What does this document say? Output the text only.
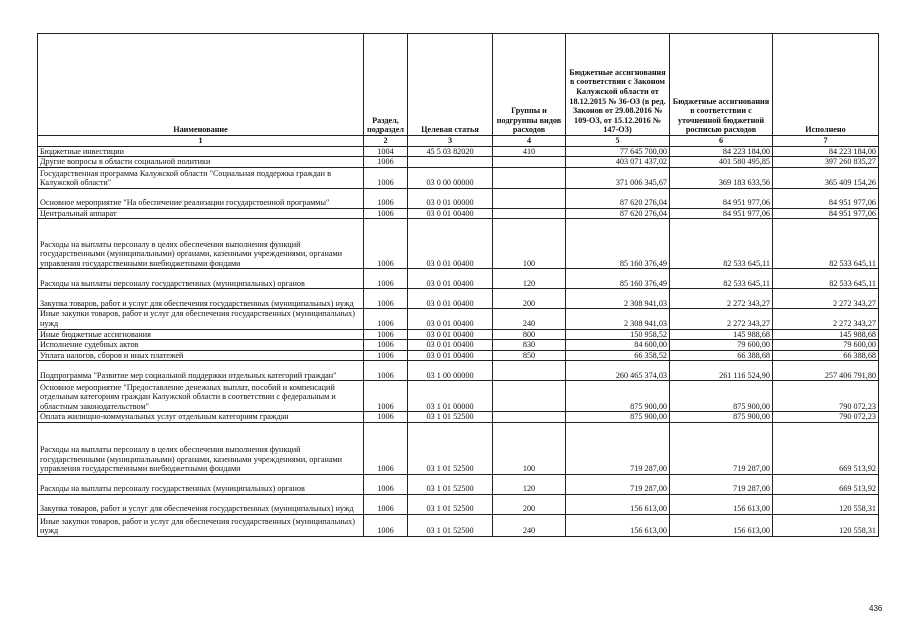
Наименование	Раздел, подраздел	Целевая статья	Группы и подгруппы видов расходов	Бюджетные ассигнования в соответствии с Законом Калужской области от 18.12.2015 № 36-ОЗ (в ред. Законов от 29.08.2016 № 109-ОЗ, от 15.12.2016 № 147-ОЗ)	Бюджетные ассигнования в соответствии с уточненной бюджетной росписью расходов	Исполнено
1	2	3	4	5	6	7
Бюджетные инвестиции	1004	45 5 03 82020	410	77 645 700,00	84 223 184,00	84 223 184,00
Другие вопросы в области социальной политики	1006			403 071 437,02	401 580 495,85	397 260 835,27
Государственная программа Калужской области "Социальная поддержка граждан в Калужской области"	1006	03 0 00 00000		371 006 345,67	369 183 633,56	365 409 154,26
Основное мероприятие "На обеспечение реализации государственной программы"	1006	03 0 01 00000		87 620 276,04	84 951 977,06	84 951 977,06
Центральный аппарат	1006	03 0 01 00400		87 620 276,04	84 951 977,06	84 951 977,06
Расходы на выплаты персоналу в целях обеспечения выполнения функций государственными (муниципальными) органами, казенными учреждениями, органами управления государственными внебюджетными фондами	1006	03 0 01 00400	100	85 160 376,49	82 533 645,11	82 533 645,11
Расходы на выплаты персоналу государственных (муниципальных) органов	1006	03 0 01 00400	120	85 160 376,49	82 533 645,11	82 533 645,11
Закупка товаров, работ и услуг для обеспечения государственных (муниципальных) нужд	1006	03 0 01 00400	200	2 308 941,03	2 272 343,27	2 272 343,27
Иные закупки товаров, работ и услуг для обеспечения государственных (муниципальных) нужд	1006	03 0 01 00400	240	2 308 941,03	2 272 343,27	2 272 343,27
Иные бюджетные ассигнования	1006	03 0 01 00400	800	150 958,52	145 988,68	145 988,68
Исполнение судебных актов	1006	03 0 01 00400	830	84 600,00	79 600,00	79 600,00
Уплата налогов, сборов и иных платежей	1006	03 0 01 00400	850	66 358,52	66 388,68	66 388,68
Подпрограмма "Развитие мер социальной поддержки отдельных категорий граждан"	1006	03 1 00 00000		260 465 374,03	261 116 524,90	257 406 791,80
Основное мероприятие "Предоставление денежных выплат, пособий и компенсаций отдельным категориям граждан Калужской области в соответствии с федеральным и областным законодательством"	1006	03 1 01 00000		875 900,00	875 900,00	790 072,23
Оплата жилищно-коммунальных услуг отдельным категориям граждан	1006	03 1 01 52500		875 900,00	875 900,00	790 072,23
Расходы на выплаты персоналу в целях обеспечения выполнения функций государственными (муниципальными) органами, казенными учреждениями, органами управления государственными внебюджетными фондами	1006	03 1 01 52500	100	719 287,00	719 287,00	669 513,92
Расходы на выплаты персоналу государственных (муниципальных) органов	1006	03 1 01 52500	120	719 287,00	719 287,00	669 513,92
Закупка товаров, работ и услуг для обеспечения государственных (муниципальных) нужд	1006	03 1 01 52500	200	156 613,00	156 613,00	120 558,31
Иные закупки товаров, работ и услуг для обеспечения государственных (муниципальных) нужд	1006	03 1 01 52500	240	156 613,00	156 613,00	120 558,31
436
